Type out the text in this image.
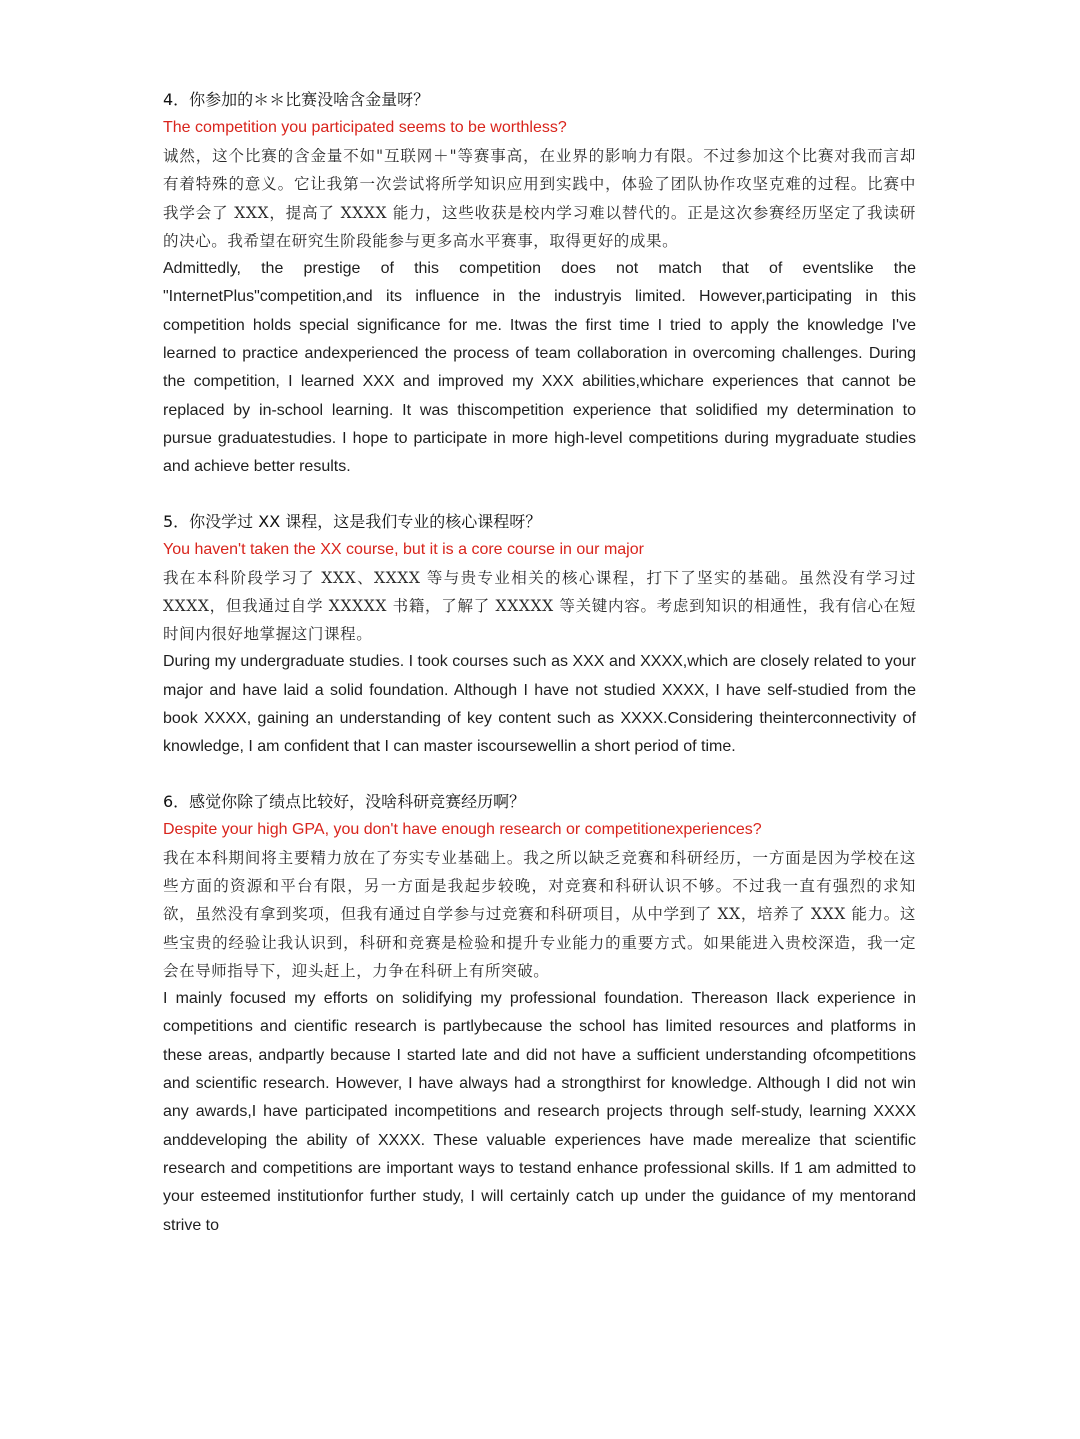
4．你参加的＊＊比赛没啥含金量呀？

The competition you participated seems to be worthless?

诚然，这个比赛的含金量不如"互联网＋"等赛事高，在业界的影响力有限。不过参加这个比赛对我而言却有着特殊的意义。它让我第一次尝试将所学知识应用到实践中，体验了团队协作攻坚克难的过程。比赛中我学会了 XXX，提高了 XXXX 能力，这些收获是校内学习难以替代的。正是这次参赛经历坚定了我读研的决心。我希望在研究生阶段能参与更多高水平赛事，取得更好的成果。

Admittedly, the prestige of this competition does not match that of eventslike the "InternetPlus"competition,and its influence in the industryis limited. However,participating in this competition holds special significance for me. Itwas the first time I tried to apply the knowledge I've learned to practice andexperienced the process of team collaboration in overcoming challenges. During the competition, I learned XXX and improved my XXX abilities,whichare experiences that cannot be replaced by in-school learning. It was thiscompetition experience that solidified my determination to pursue graduatestudies. I hope to participate in more high-level competitions during mygraduate studies and achieve better results.

5．你没学过 XX 课程，这是我们专业的核心课程呀？

You haven't taken the XX course, but it is a core course in our major

我在本科阶段学习了 XXX、XXXX 等与贵专业相关的核心课程，打下了坚实的基础。虽然没有学习过 XXXX，但我通过自学 XXXXX 书籍，了解了 XXXXX 等关键内容。考虑到知识的相通性，我有信心在短时间内很好地掌握这门课程。

During my undergraduate studies. I took courses such as XXX and XXXX,which are closely related to your major and have laid a solid foundation. Although I have not studied XXXX, I have self-studied from the book XXXX, gaining an understanding of key content such as XXXX.Considering theinterconnectivity of knowledge, I am confident that I can master iscoursewellin a short period of time.

6．感觉你除了绩点比较好，没啥科研竞赛经历啊？

Despite your high GPA, you don't have enough research or competitionexperiences?

我在本科期间将主要精力放在了夯实专业基础上。我之所以缺乏竞赛和科研经历，一方面是因为学校在这些方面的资源和平台有限，另一方面是我起步较晚，对竞赛和科研认识不够。不过我一直有强烈的求知欲，虽然没有拿到奖项，但我有通过自学参与过竞赛和科研项目，从中学到了 XX，培养了 XXX 能力。这些宝贵的经验让我认识到，科研和竞赛是检验和提升专业能力的重要方式。如果能进入贵校深造，我一定会在导师指导下，迎头赶上，力争在科研上有所突破。

I mainly focused my efforts on solidifying my professional foundation. Thereason Ilack experience in competitions and cientific research is partlybecause the school has limited resources and platforms in these areas, andpartly because I started late and did not have a sufficient understanding ofcompetitions and scientific research. However, I have always had a strongthirst for knowledge. Although I did not win any awards,I have participated incompetitions and research projects through self-study, learning XXXX anddeveloping the ability of XXXX. These valuable experiences have made merealize that scientific research and competitions are important ways to testand enhance professional skills. If 1 am admitted to your esteemed institutionfor further study, I will certainly catch up under the guidance of my mentorand strive to
